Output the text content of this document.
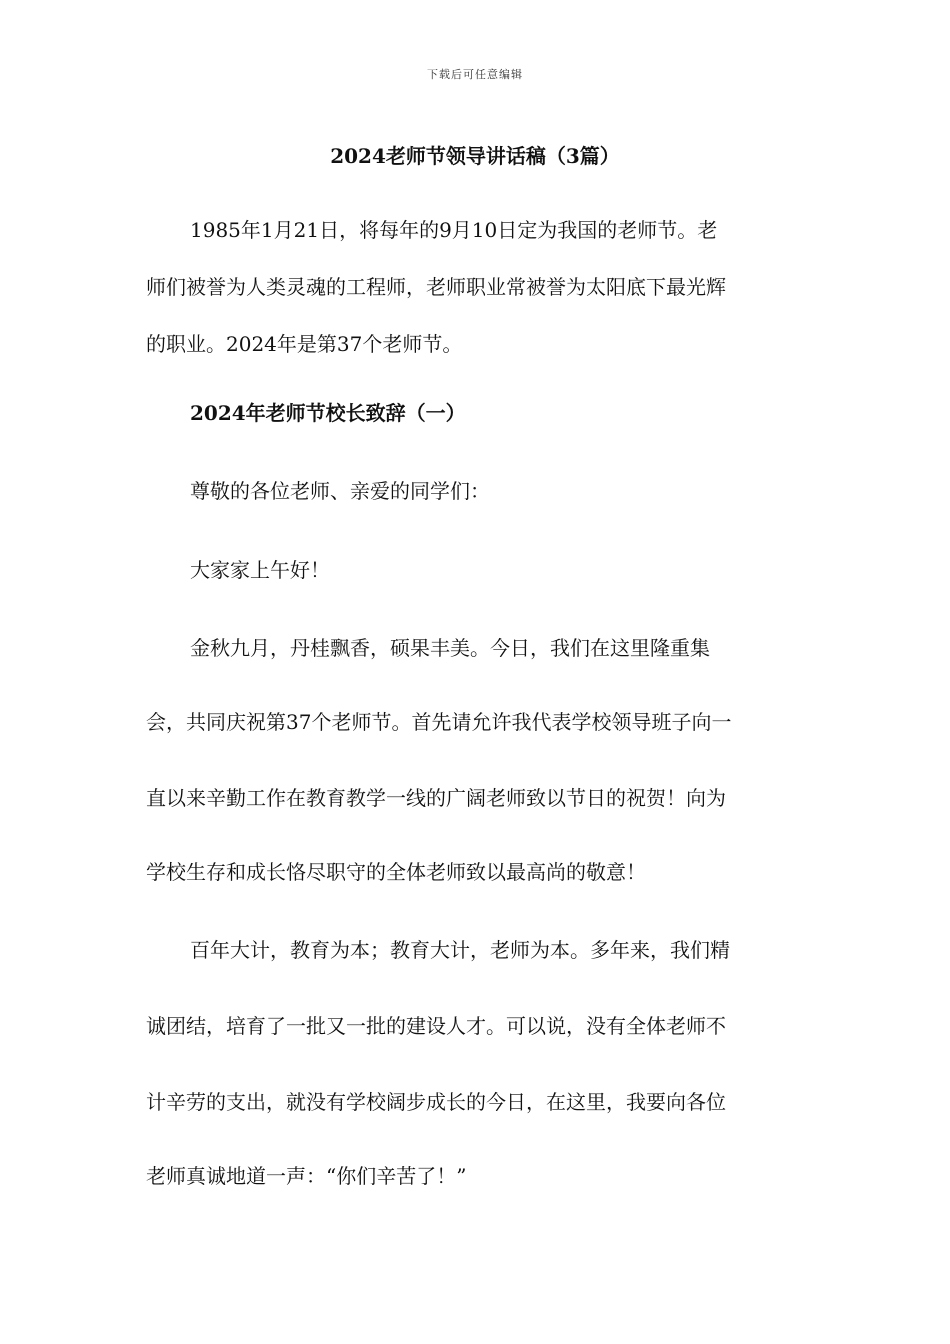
下载后可任意编辑
2024老师节领导讲话稿（3篇）
1985年1月21日，将每年的9月10日定为我国的老师节。老
师们被誉为人类灵魂的工程师，老师职业常被誉为太阳底下最光辉
的职业。2024年是第37个老师节。
2024年老师节校长致辞（一）
尊敬的各位老师、亲爱的同学们：
大家家上午好！
金秋九月，丹桂飘香，硕果丰美。今日，我们在这里隆重集
会，共同庆祝第37个老师节。首先请允许我代表学校领导班子向一
直以来辛勤工作在教育教学一线的广阔老师致以节日的祝贺！向为
学校生存和成长恪尽职守的全体老师致以最高尚的敬意！
百年大计，教育为本；教育大计，老师为本。多年来，我们精
诚团结，培育了一批又一批的建设人才。可以说，没有全体老师不
计辛劳的支出，就没有学校阔步成长的今日，在这里，我要向各位
老师真诚地道一声：“你们辛苦了！”
